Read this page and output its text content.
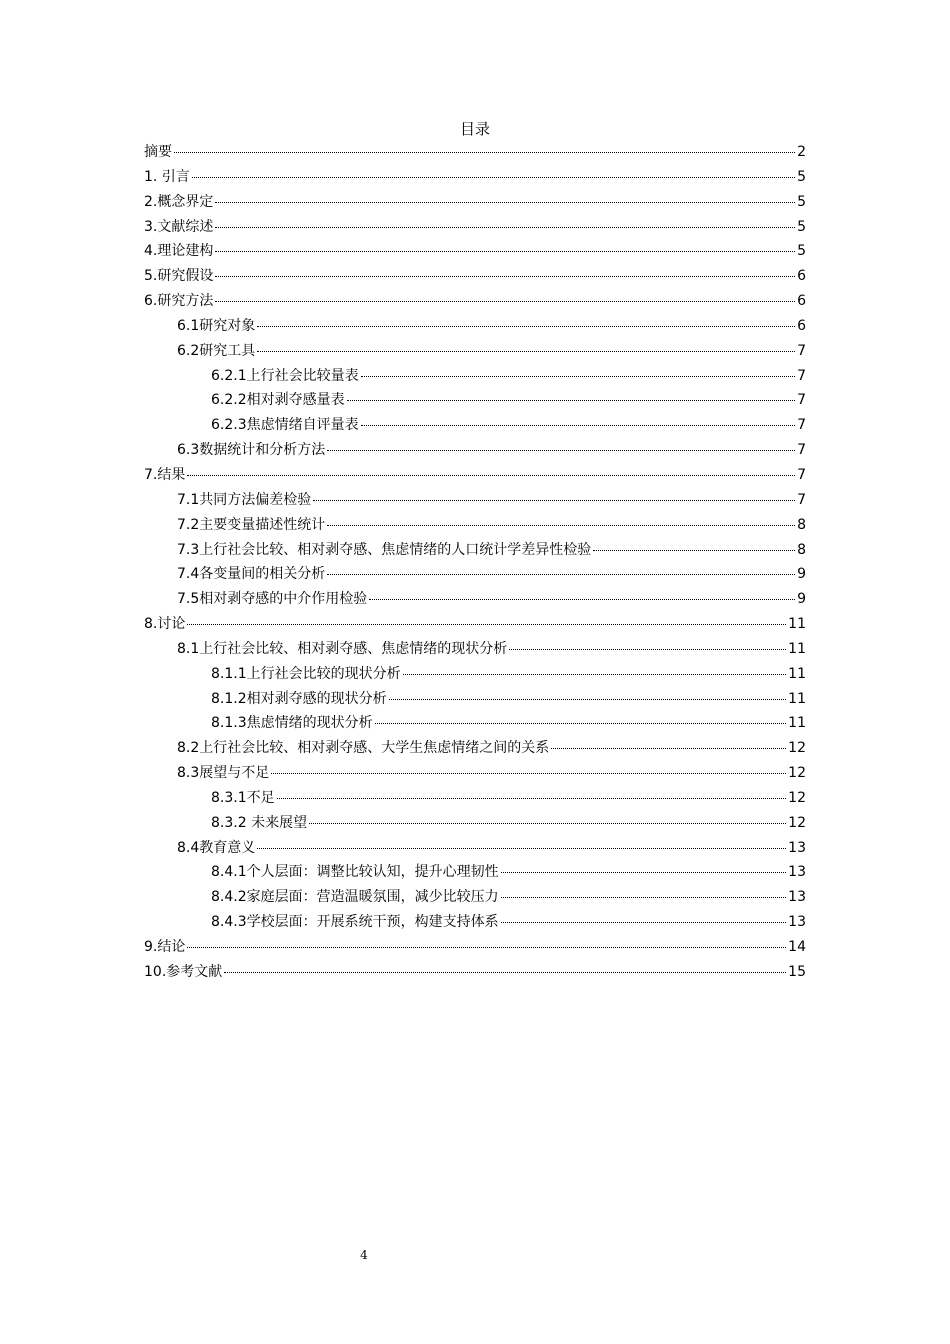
目录
摘要	2
1. 引言	5
2.概念界定	5
3.文献综述	5
4.理论建构	5
5.研究假设	6
6.研究方法	6
6.1研究对象	6
6.2研究工具	7
6.2.1上行社会比较量表	7
6.2.2相对剥夺感量表	7
6.2.3焦虑情绪自评量表	7
6.3数据统计和分析方法	7
7.结果	7
7.1共同方法偏差检验	7
7.2主要变量描述性统计	8
7.3上行社会比较、相对剥夺感、焦虑情绪的人口统计学差异性检验	8
7.4各变量间的相关分析	9
7.5相对剥夺感的中介作用检验	9
8.讨论	11
8.1上行社会比较、相对剥夺感、焦虑情绪的现状分析	11
8.1.1上行社会比较的现状分析	11
8.1.2相对剥夺感的现状分析	11
8.1.3焦虑情绪的现状分析	11
8.2上行社会比较、相对剥夺感、大学生焦虑情绪之间的关系	12
8.3展望与不足	12
8.3.1不足	12
8.3.2 未来展望	12
8.4教育意义	13
8.4.1个人层面：调整比较认知，提升心理韧性	13
8.4.2家庭层面：营造温暖氛围，减少比较压力	13
8.4.3学校层面：开展系统干预，构建支持体系	13
9.结论	14
10.参考文献	15
4
